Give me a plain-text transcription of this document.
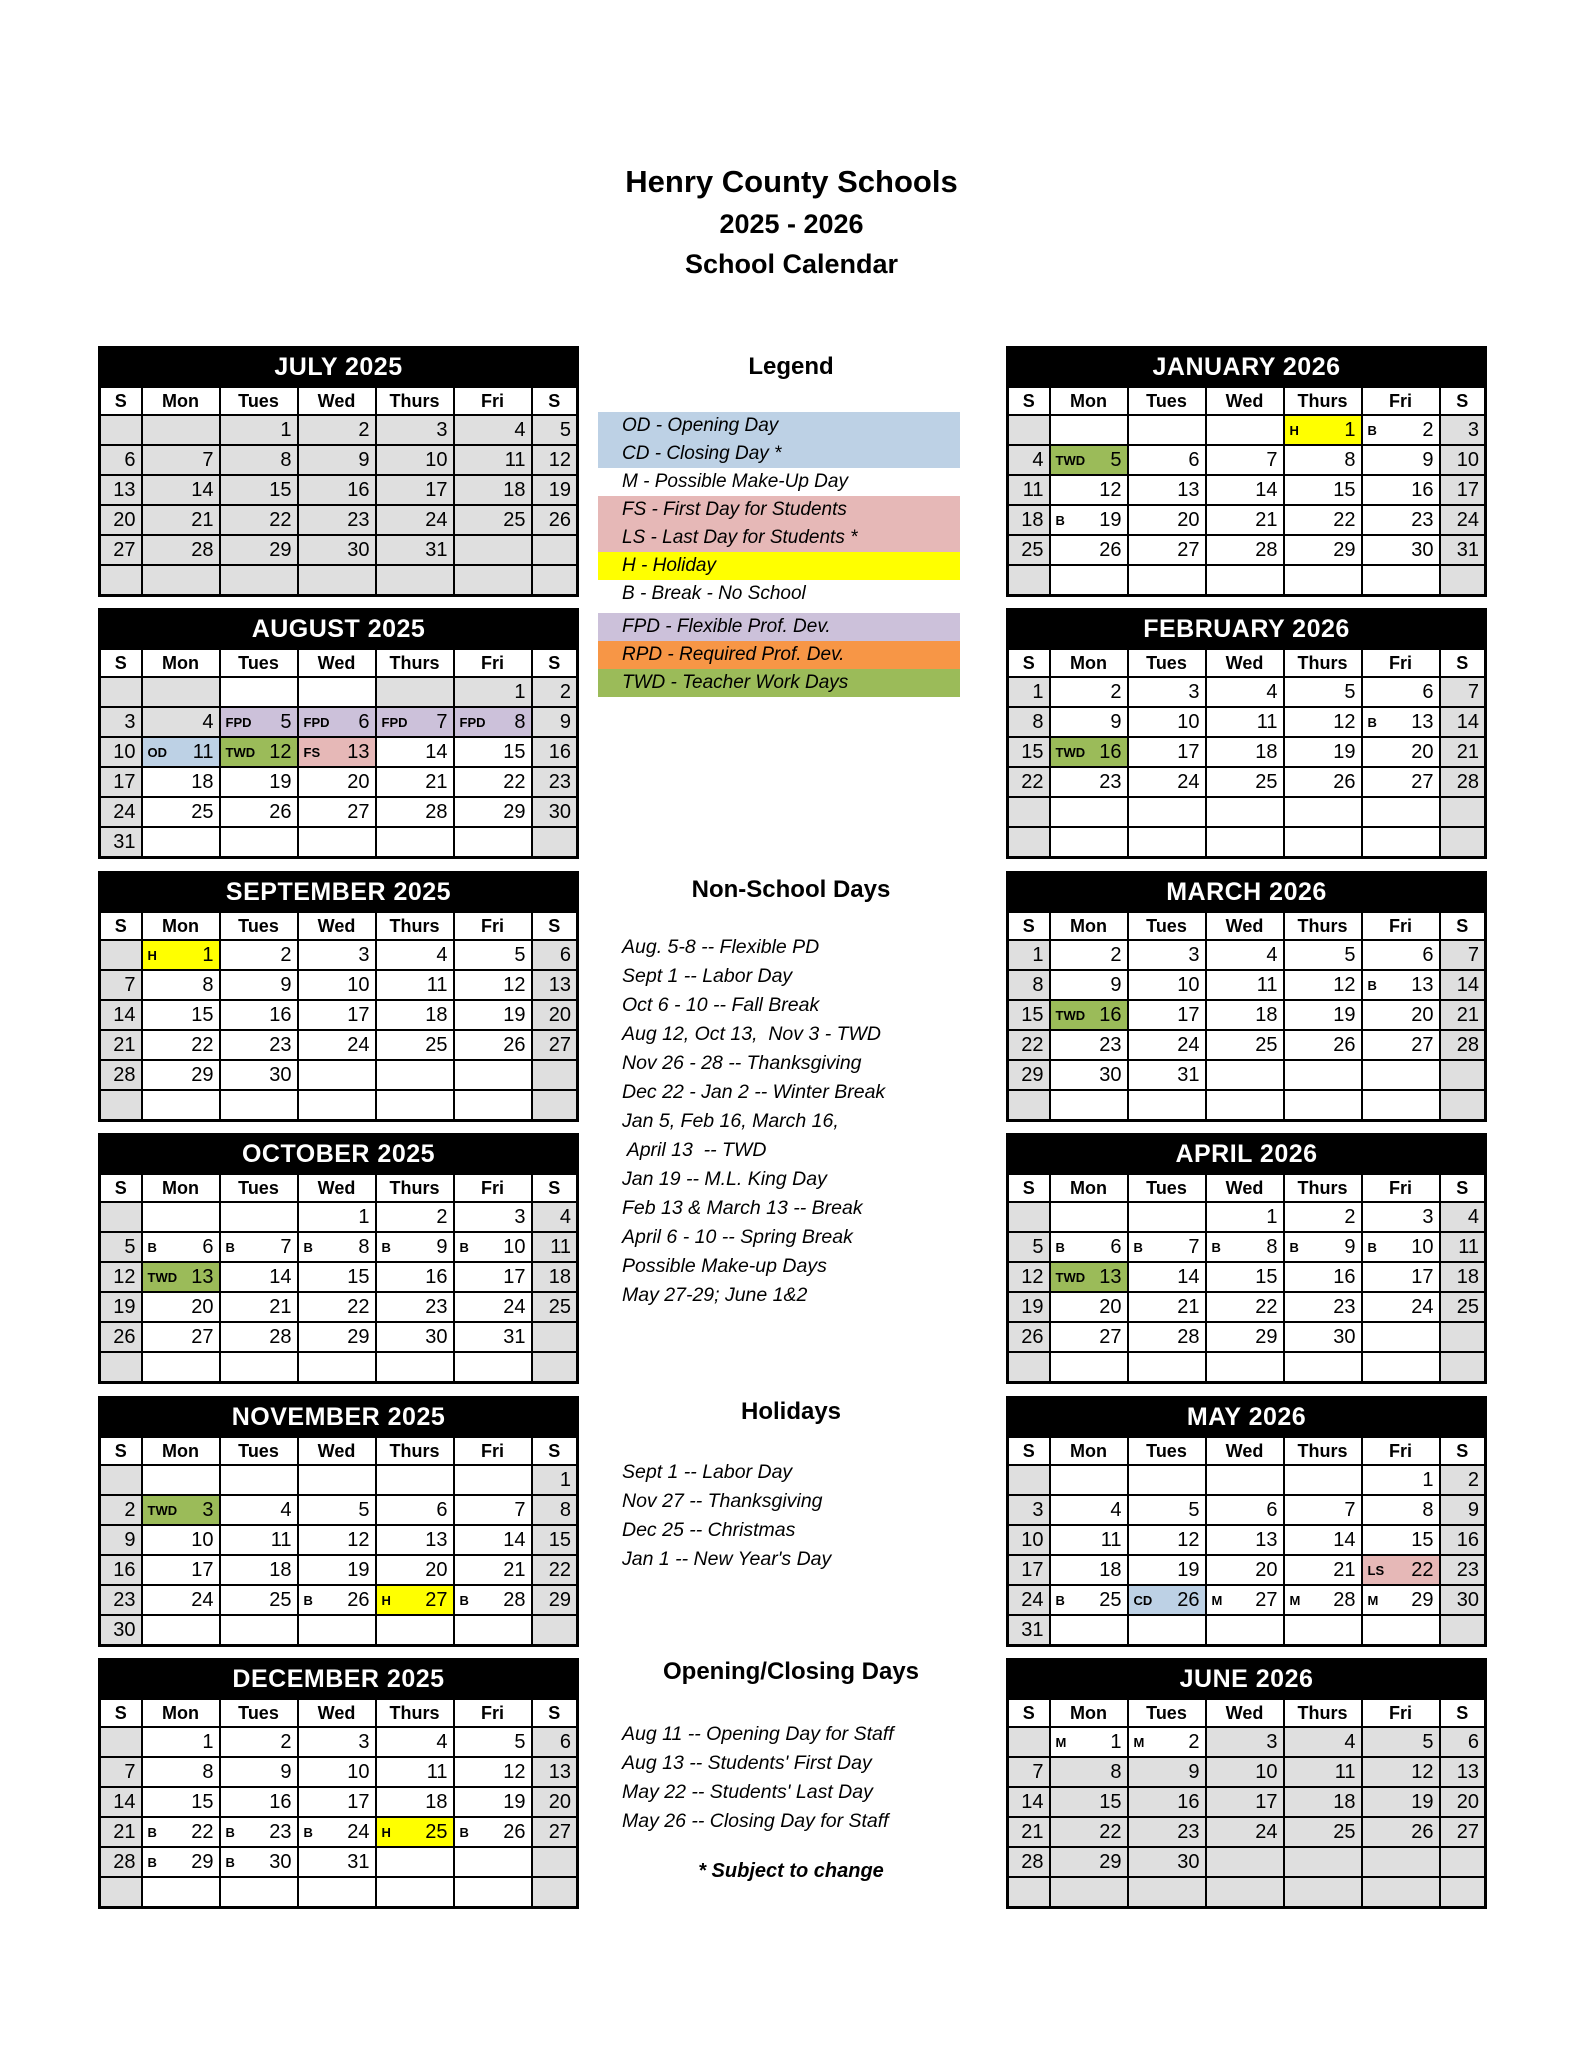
Henry County Schools
2025 - 2026
School Calendar
JULY 2025						
S	Mon	Tues	Wed	Thurs	Fri	S

		1	2	3	4	5

6	7	8	9	10	11	12

13	14	15	16	17	18	19

20	21	22	23	24	25	26

27	28	29	30	31		

AUGUST 2025						
S	Mon	Tues	Wed	Thurs	Fri	S

					1	2

3	4	FPD 5	FPD 6	FPD 7	FPD 8	9

10	OD 11	TWD 12	FS 13	14	15	16

17	18	19	20	21	22	23

24	25	26	27	28	29	30

31						

SEPTEMBER 2025						
S	Mon	Tues	Wed	Thurs	Fri	S

	H 1	2	3	4	5	6

7	8	9	10	11	12	13

14	15	16	17	18	19	20

21	22	23	24	25	26	27

28	29	30				

OCTOBER 2025						
S	Mon	Tues	Wed	Thurs	Fri	S

			1	2	3	4

5	B 6	B 7	B 8	B 9	B 10	11

12	TWD 13	14	15	16	17	18

19	20	21	22	23	24	25

26	27	28	29	30	31	

NOVEMBER 2025						
S	Mon	Tues	Wed	Thurs	Fri	S

						1

2	TWD 3	4	5	6	7	8

9	10	11	12	13	14	15

16	17	18	19	20	21	22

23	24	25	B 26	H 27	B 28	29

30						

DECEMBER 2025						
S	Mon	Tues	Wed	Thurs	Fri	S

	1	2	3	4	5	6

7	8	9	10	11	12	13

14	15	16	17	18	19	20

21	B 22	B 23	B 24	H 25	B 26	27

28	B 29	B 30	31			

JANUARY 2026						
S	Mon	Tues	Wed	Thurs	Fri	S

				H 1	B 2	3

4	TWD 5	6	7	8	9	10

11	12	13	14	15	16	17

18	B 19	20	21	22	23	24

25	26	27	28	29	30	31

FEBRUARY 2026						
S	Mon	Tues	Wed	Thurs	Fri	S

1	2	3	4	5	6	7

8	9	10	11	12	B 13	14

15	TWD 16	17	18	19	20	21

22	23	24	25	26	27	28

MARCH 2026						
S	Mon	Tues	Wed	Thurs	Fri	S

1	2	3	4	5	6	7

8	9	10	11	12	B 13	14

15	TWD 16	17	18	19	20	21

22	23	24	25	26	27	28

29	30	31				

APRIL 2026						
S	Mon	Tues	Wed	Thurs	Fri	S

			1	2	3	4

5	B 6	B 7	B 8	B 9	B 10	11

12	TWD 13	14	15	16	17	18

19	20	21	22	23	24	25

26	27	28	29	30		

MAY 2026						
S	Mon	Tues	Wed	Thurs	Fri	S

					1	2

3	4	5	6	7	8	9

10	11	12	13	14	15	16

17	18	19	20	21	LS 22	23

24	B 25	CD 26	M 27	M 28	M 29	30

31						

JUNE 2026						
S	Mon	Tues	Wed	Thurs	Fri	S

	M 1	M 2	3	4	5	6

7	8	9	10	11	12	13

14	15	16	17	18	19	20

21	22	23	24	25	26	27

28	29	30				

Legend
OD - Opening Day
CD - Closing Day *
M - Possible Make-Up Day
FS - First Day for Students
LS - Last Day for Students *
H - Holiday
B - Break - No School
FPD - Flexible Prof. Dev.
RPD - Required Prof. Dev.
TWD - Teacher Work Days
Non-School Days
Aug. 5-8 -- Flexible PD
Sept 1 -- Labor Day
Oct 6 - 10 -- Fall Break
Aug 12, Oct 13,  Nov 3 - TWD
Nov 26 - 28 -- Thanksgiving
Dec 22 - Jan 2 -- Winter Break
Jan 5, Feb 16, March 16,
April 13  -- TWD
Jan 19 -- M.L. King Day
Feb 13 & March 13 -- Break
April 6 - 10 -- Spring Break
Possible Make-up Days
May 27-29; June 1&2
Holidays
Sept 1 -- Labor Day
Nov 27 -- Thanksgiving
Dec 25 -- Christmas
Jan 1 -- New Year's Day
Opening/Closing Days
Aug 11 -- Opening Day for Staff
Aug 13 -- Students' First Day
May 22 -- Students' Last Day
May 26 -- Closing Day for Staff
* Subject to change
